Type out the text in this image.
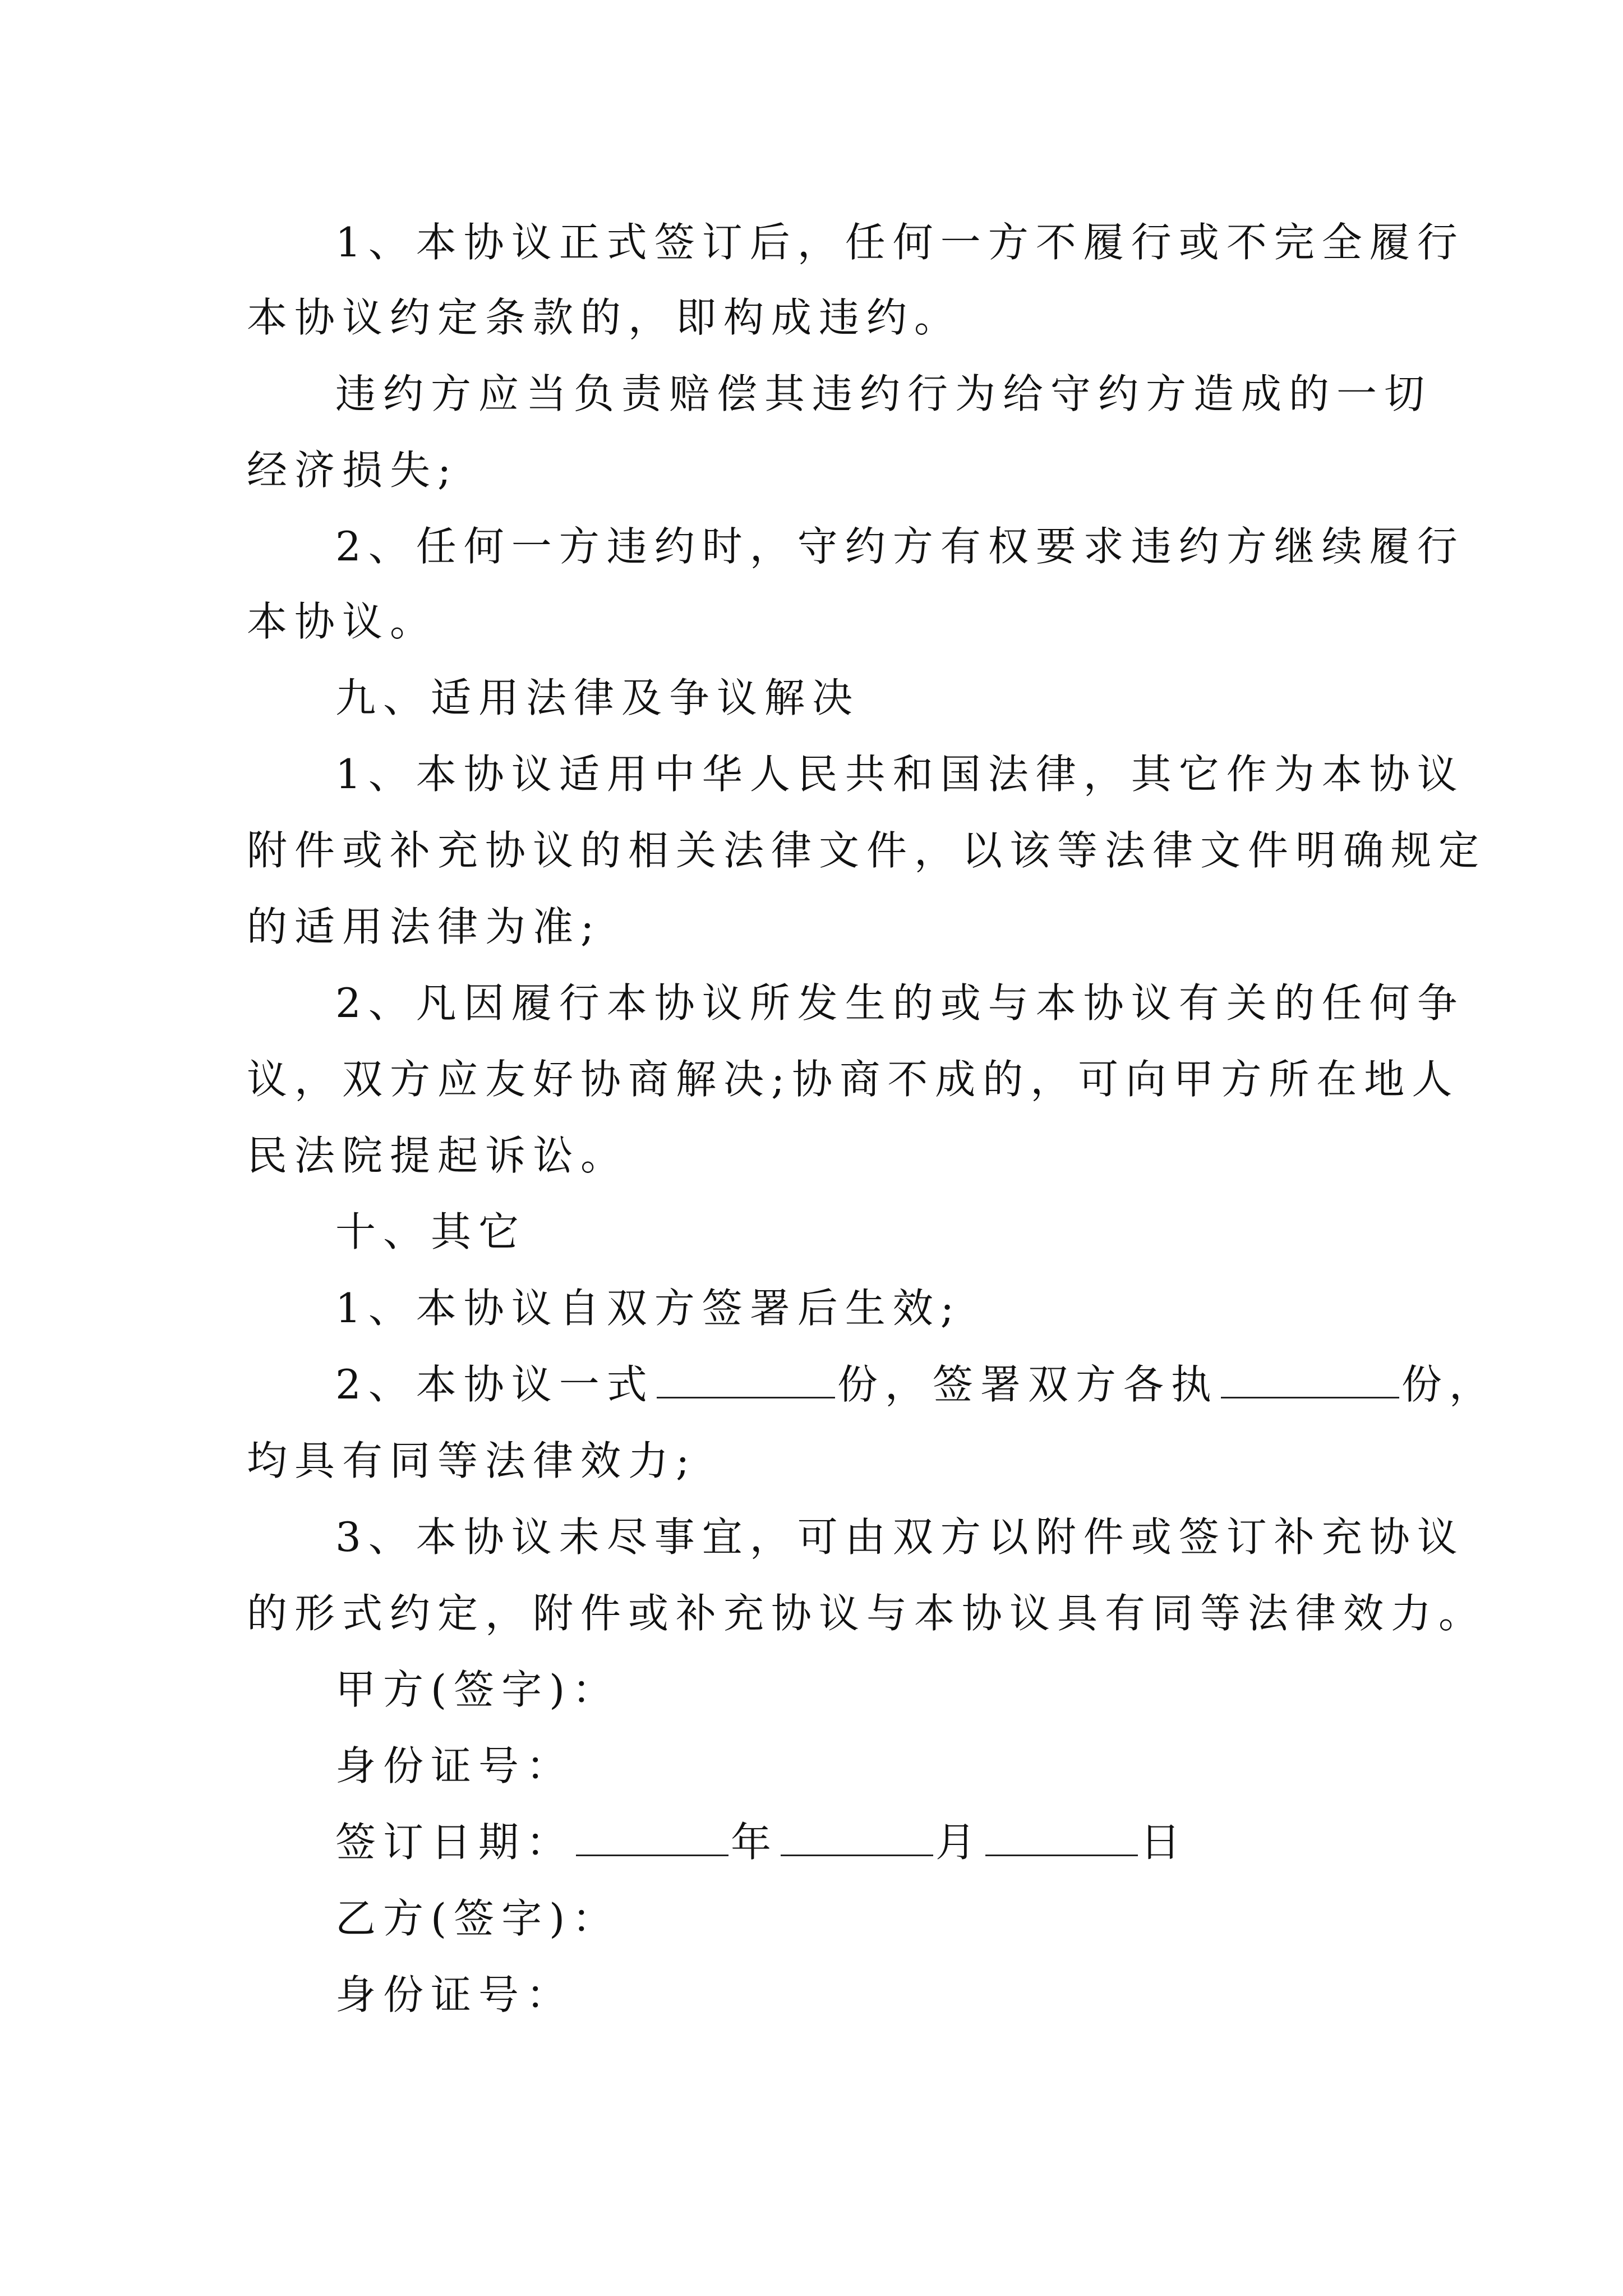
1、本协议正式签订后，任何一方不履行或不完全履行
本协议约定条款的，即构成违约。
违约方应当负责赔偿其违约行为给守约方造成的一切
经济损失;
2、任何一方违约时，守约方有权要求违约方继续履行
本协议。
九、适用法律及争议解决
1、本协议适用中华人民共和国法律，其它作为本协议
附件或补充协议的相关法律文件，以该等法律文件明确规定
的适用法律为准;
2、凡因履行本协议所发生的或与本协议有关的任何争
议，双方应友好协商解决;协商不成的，可向甲方所在地人
民法院提起诉讼。
十、其它
1、本协议自双方签署后生效;
2、本协议一式	份，签署双方各执	份，
均具有同等法律效力;
3、本协议未尽事宜，可由双方以附件或签订补充协议
的形式约定，附件或补充协议与本协议具有同等法律效力。
甲方(签字)：
身份证号：
签订日期：	年	月	日
乙方(签字)：
身份证号：
